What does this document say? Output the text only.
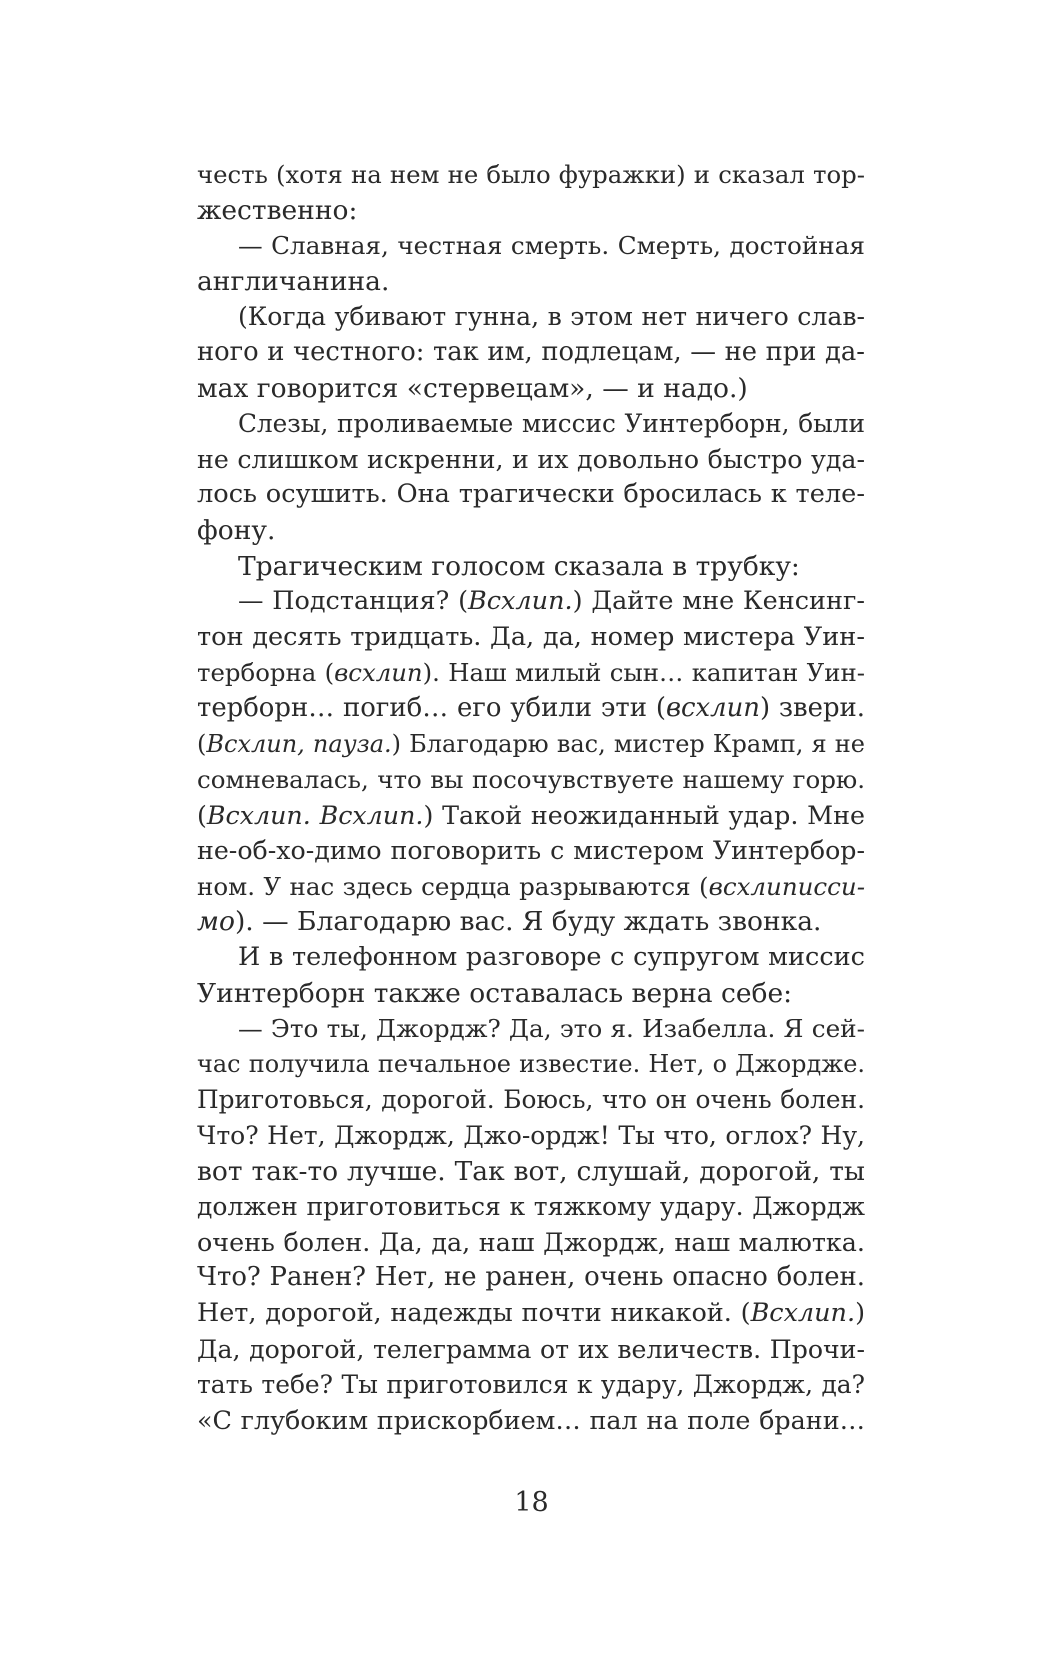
честь (хотя на нем не было фуражки) и сказал тор-
жественно:
— Славная, честная смерть. Смерть, достойная
англичанина.
(Когда убивают гунна, в этом нет ничего слав-
ного и честного: так им, подлецам, — не при да-
мах говорится «стервецам», — и надо.)
Слезы, проливаемые миссис Уинтерборн, были
не слишком искренни, и их довольно быстро уда-
лось осушить. Она трагически бросилась к теле-
фону.
Трагическим голосом сказала в трубку:
— Подстанция? (Всхлип.) Дайте мне Кенсинг-
тон десять тридцать. Да, да, номер мистера Уин-
терборна (всхлип). Наш милый сын… капитан Уин-
терборн… погиб… его убили эти (всхлип) звери.
(Всхлип, пауза.) Благодарю вас, мистер Крамп, я не
сомневалась, что вы посочувствуете нашему горю.
(Всхлип. Всхлип.) Такой неожиданный удар. Мне
не-об-хо-димо поговорить с мистером Уинтербор-
ном. У нас здесь сердца разрываются (всхлиписси-
мо). — Благодарю вас. Я буду ждать звонка.
И в телефонном разговоре с супругом миссис
Уинтерборн также оставалась верна себе:
— Это ты, Джордж? Да, это я. Изабелла. Я сей-
час получила печальное известие. Нет, о Джордже.
Приготовься, дорогой. Боюсь, что он очень болен.
Что? Нет, Джордж, Джо-ордж! Ты что, оглох? Ну,
вот так-то лучше. Так вот, слушай, дорогой, ты
должен приготовиться к тяжкому удару. Джордж
очень болен. Да, да, наш Джордж, наш малютка.
Что? Ранен? Нет, не ранен, очень опасно болен.
Нет, дорогой, надежды почти никакой. (Всхлип.)
Да, дорогой, телеграмма от их величеств. Прочи-
тать тебе? Ты приготовился к удару, Джордж, да?
«С глубоким прискорбием… пал на поле брани…
18
